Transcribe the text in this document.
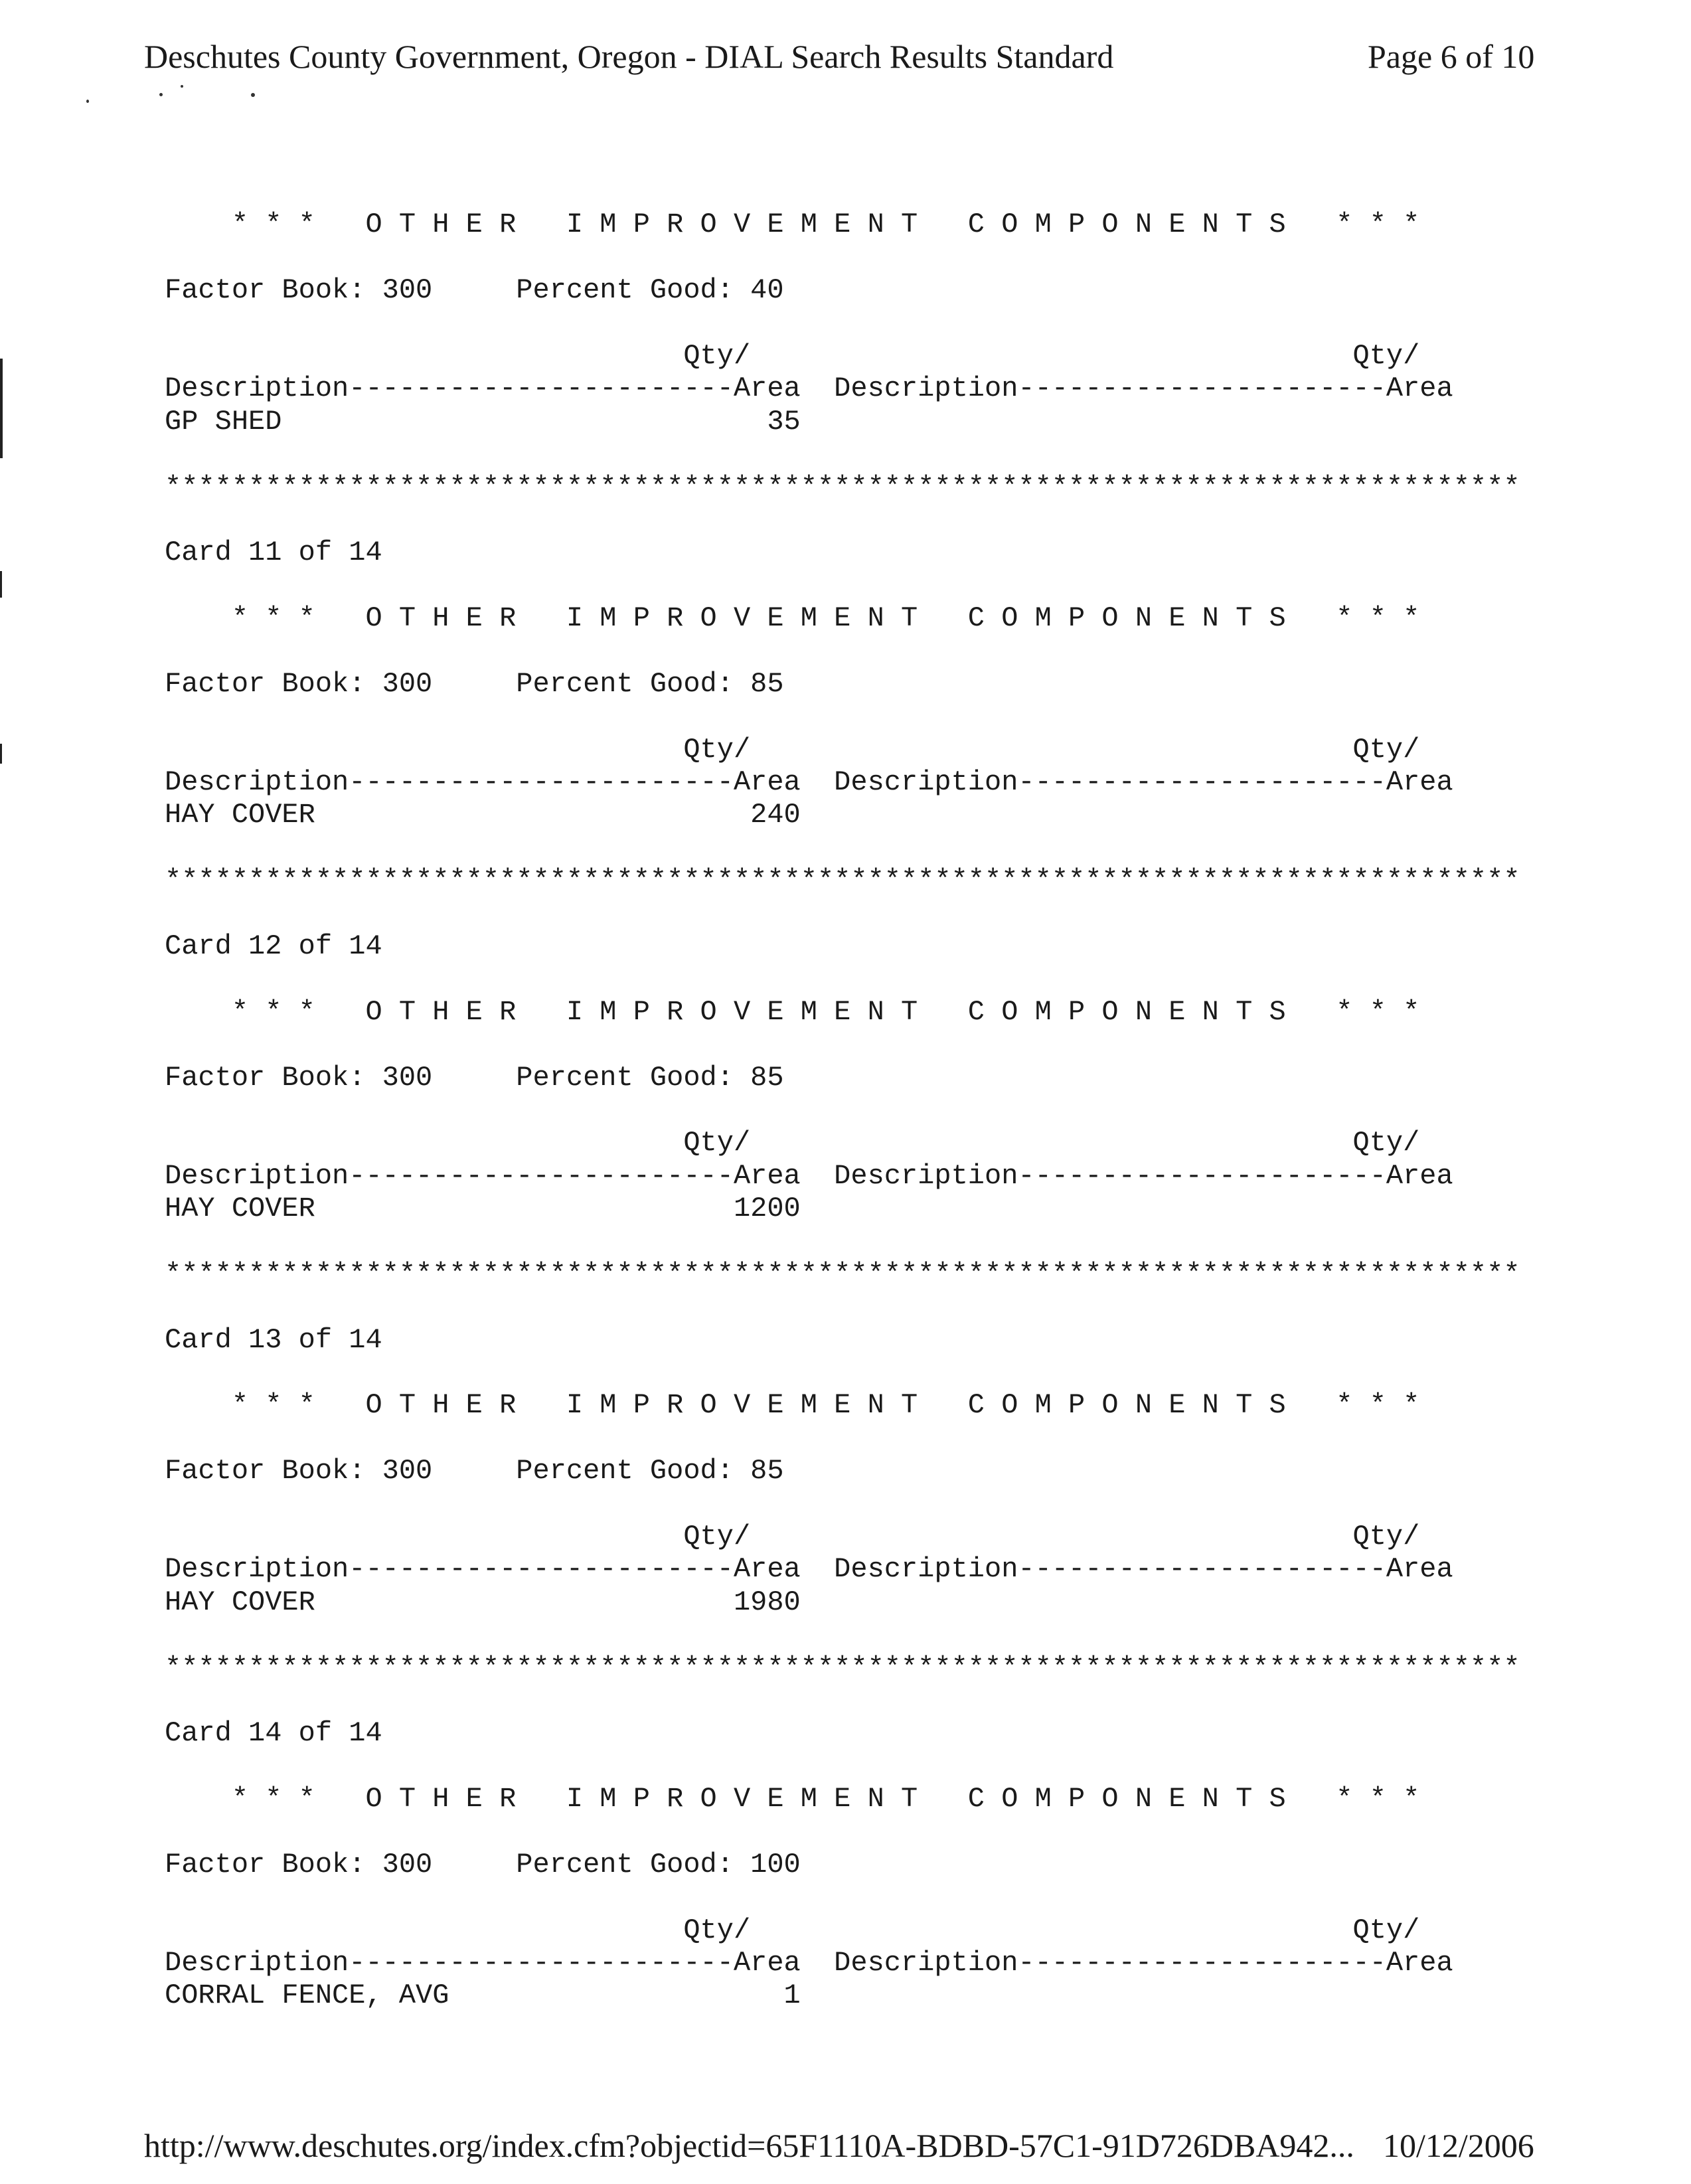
Deschutes County Government, Oregon - DIAL Search Results Standard	Page 6 of 10
* * *   O T H E R   I M P R O V E M E N T   C O M P O N E N T S   * * *
Factor Book: 300     Percent Good: 40
Qty/                                    Qty/
Description-----------------------Area  Description----------------------Area
GP SHED                             35
*********************************************************************************
Card 11 of 14
* * *   O T H E R   I M P R O V E M E N T   C O M P O N E N T S   * * *
Factor Book: 300     Percent Good: 85
Qty/                                    Qty/
Description-----------------------Area  Description----------------------Area
HAY COVER                          240
*********************************************************************************
Card 12 of 14
* * *   O T H E R   I M P R O V E M E N T   C O M P O N E N T S   * * *
Factor Book: 300     Percent Good: 85
Qty/                                    Qty/
Description-----------------------Area  Description----------------------Area
HAY COVER                         1200
*********************************************************************************
Card 13 of 14
* * *   O T H E R   I M P R O V E M E N T   C O M P O N E N T S   * * *
Factor Book: 300     Percent Good: 85
Qty/                                    Qty/
Description-----------------------Area  Description----------------------Area
HAY COVER                         1980
*********************************************************************************
Card 14 of 14
* * *   O T H E R   I M P R O V E M E N T   C O M P O N E N T S   * * *
Factor Book: 300     Percent Good: 100
Qty/                                    Qty/
Description-----------------------Area  Description----------------------Area
CORRAL FENCE, AVG                    1
http://www.deschutes.org/index.cfm?objectid=65F1110A-BDBD-57C1-91D726DBA942... 10/12/2006
